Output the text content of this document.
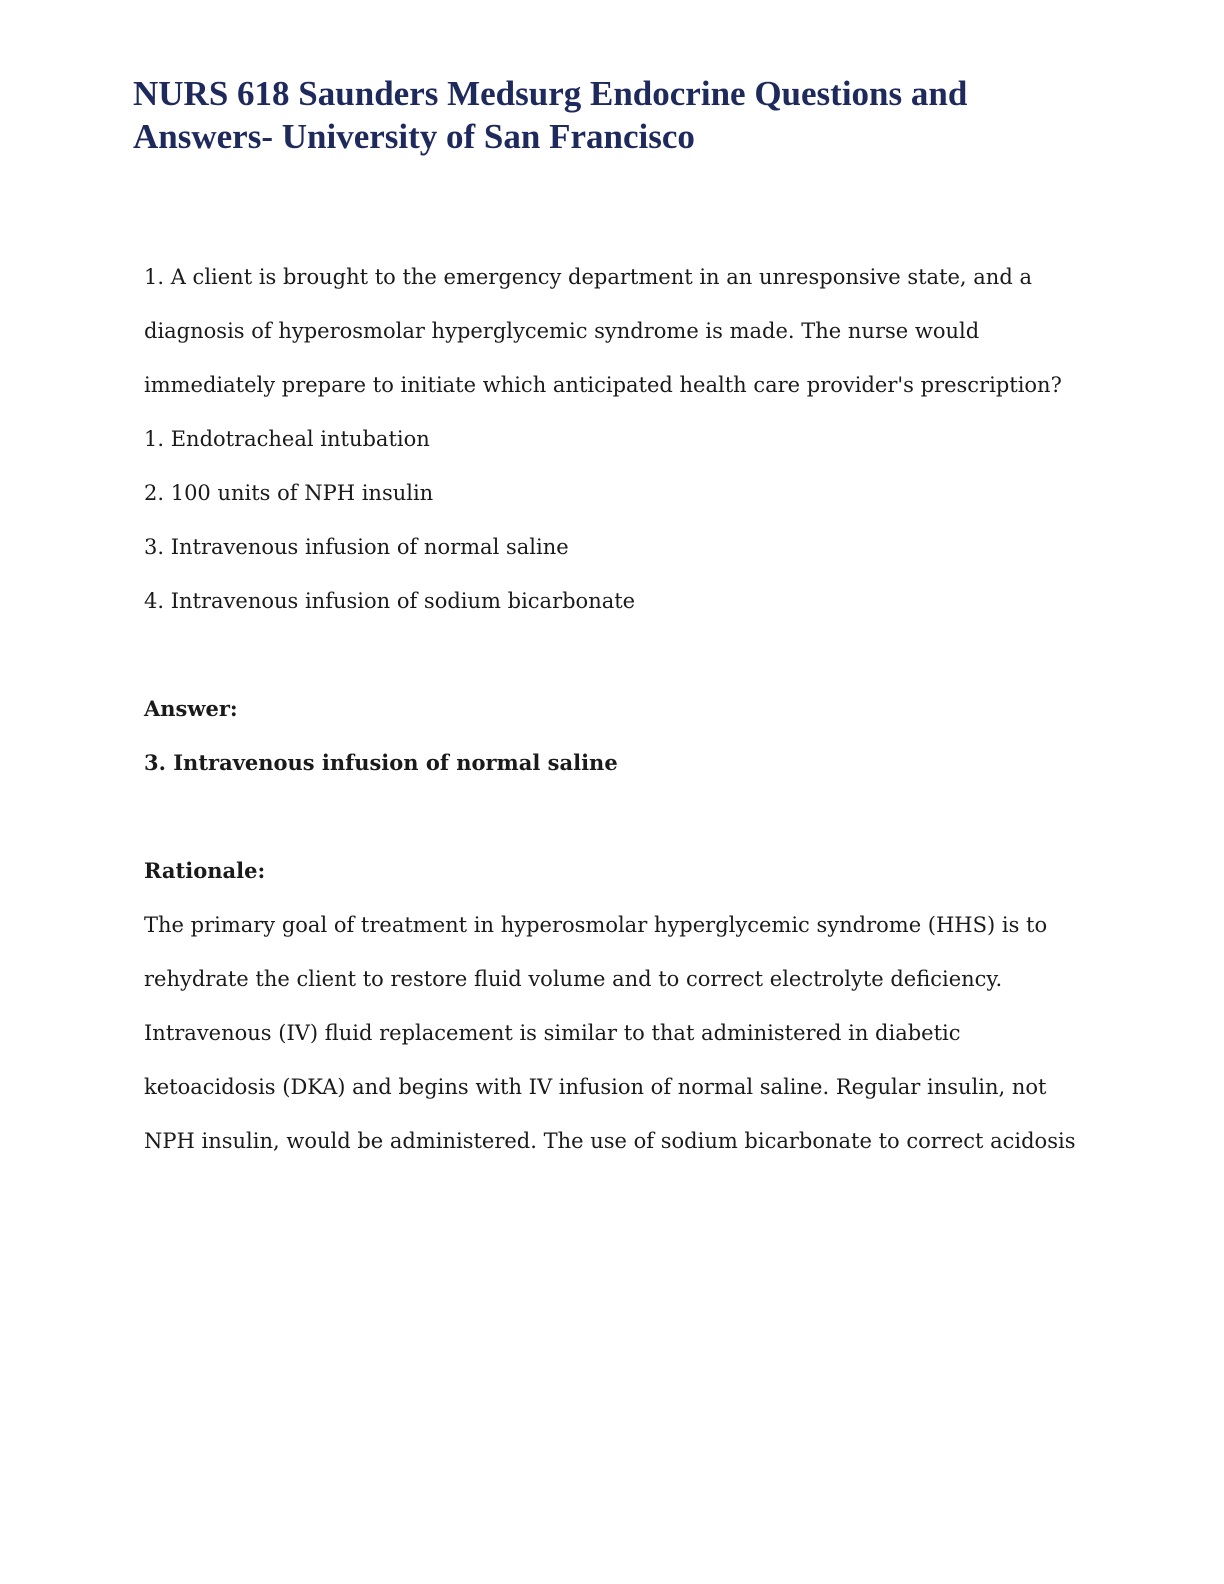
NURS 618 Saunders Medsurg Endocrine Questions and
Answers- University of San Francisco

1. A client is brought to the emergency department in an unresponsive state, and a

diagnosis of hyperosmolar hyperglycemic syndrome is made. The nurse would

immediately prepare to initiate which anticipated health care provider's prescription?

1. Endotracheal intubation

2. 100 units of NPH insulin

3. Intravenous infusion of normal saline

4. Intravenous infusion of sodium bicarbonate

Answer:

3. Intravenous infusion of normal saline

Rationale:

The primary goal of treatment in hyperosmolar hyperglycemic syndrome (HHS) is to

rehydrate the client to restore fluid volume and to correct electrolyte deficiency.

Intravenous (IV) fluid replacement is similar to that administered in diabetic

ketoacidosis (DKA) and begins with IV infusion of normal saline. Regular insulin, not

NPH insulin, would be administered. The use of sodium bicarbonate to correct acidosis
